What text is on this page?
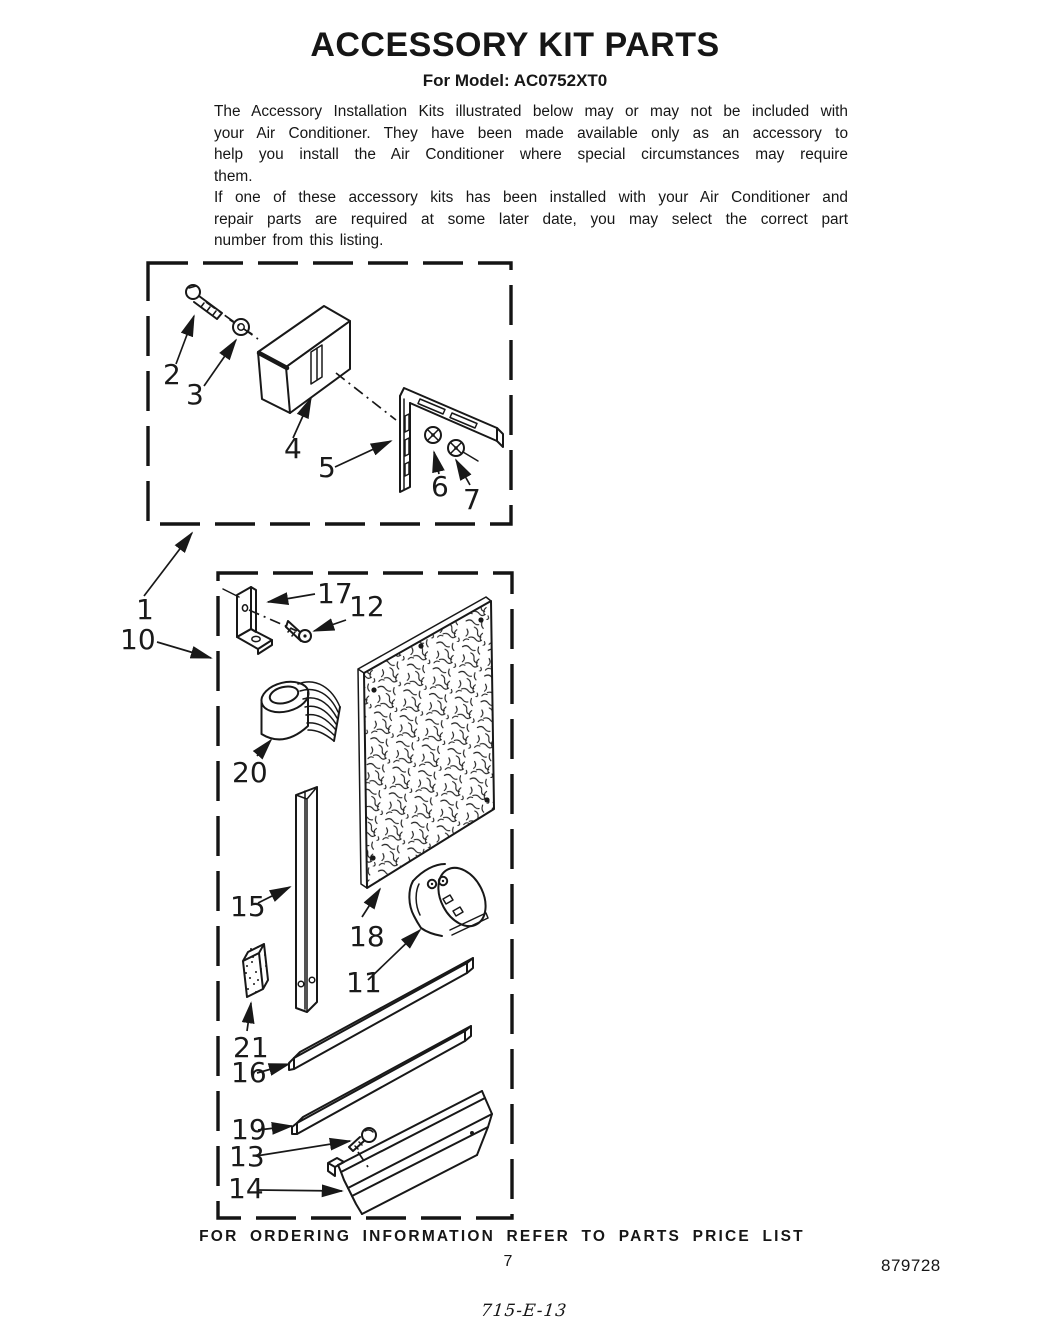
ACCESSORY KIT PARTS
For Model: AC0752XT0
The Accessory Installation Kits illustrated below may or may not be included with
your Air Conditioner. They have been made available only as an accessory to
help you install the Air Conditioner where special circumstances may require
them.
If one of these accessory kits has been installed with your Air Conditioner and
repair parts are required at some later date, you may select the correct part
number from this listing.
2
3
4
5
6 7
1
10
17
12
20
15
18
11
21
16
19
13
14
FOR ORDERING INFORMATION REFER TO PARTS PRICE LIST
7	879728
715-E-13
